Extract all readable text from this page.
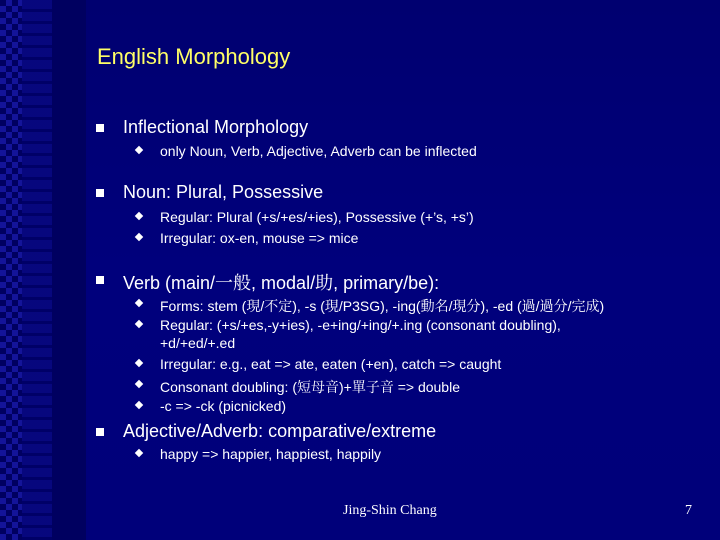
English Morphology
Inflectional Morphology
only Noun, Verb, Adjective, Adverb can be inflected
Noun: Plural, Possessive
Regular: Plural (+s/+es/+ies), Possessive (+’s, +s’)
Irregular: ox-en, mouse => mice
Verb (main/一般, modal/助, primary/be):
Forms: stem (現/不定), -s (現/P3SG), -ing(動名/現分), -ed (過/過分/完成)
Regular: (+s/+es,-y+ies), -e+ing/+ing/+.ing (consonant doubling),
+d/+ed/+.ed
Irregular: e.g., eat => ate, eaten (+en), catch => caught
Consonant doubling: (短母音)+單子音 => double
-c => -ck (picnicked)
Adjective/Adverb: comparative/extreme
happy => happier, happiest, happily
Jing-Shin Chang	7
